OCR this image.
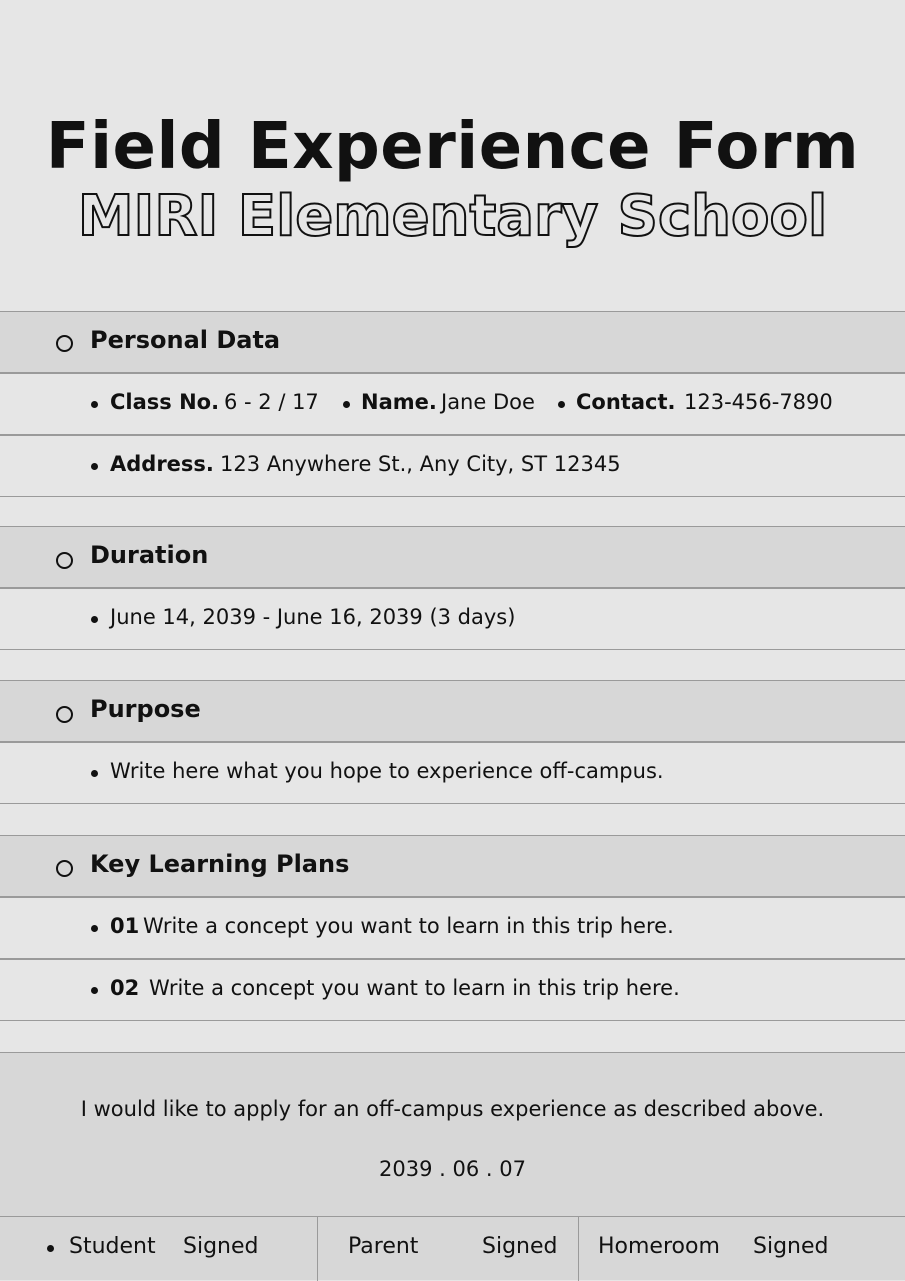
Field Experience Form
MIRI Elementary School
Personal Data
Class No. 6 - 2 / 17 Name. Jane Doe Contact. 123-456-7890
Address. 123 Anywhere St., Any City, ST 12345
Duration
June 14, 2039 - June 16, 2039 (3 days)
Purpose
Write here what you hope to experience off-campus.
Key Learning Plans
01 Write a concept you want to learn in this trip here.
02 Write a concept you want to learn in this trip here.
I would like to apply for an off-campus experience as described above.
2039 . 06 . 07
Student Signed	Parent	Signed Homeroom Signed
